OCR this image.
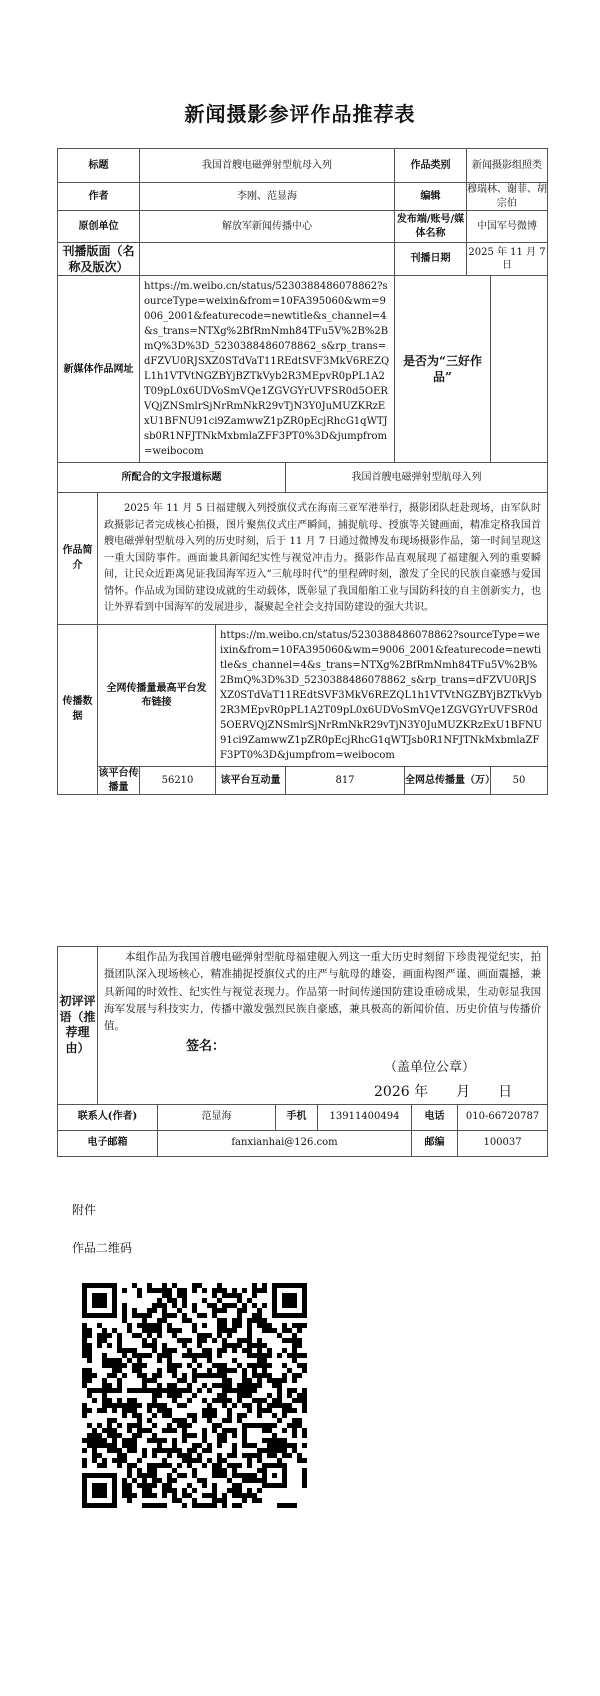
新闻摄影参评作品推荐表
标题		我国首艘电磁弹射型航母入列			作品类别		新闻摄影组照类	
作者		李刚、范显海			编辑		穆瑞林、谢菲、胡宗伯	
原创单位		解放军新闻传播中心			发布端/账号/媒体名称		中国军号微博	
刊播版面（名称及版次）					刊播日期		2025 年 11 月 7 日	
新媒体作品网址		https://m.weibo.cn/status/5230388486078862?sourceType=weixin&from=10FA395060&wm=9006_2001&featurecode=newtitle&s_channel=4&s_trans=NTXg%2BfRmNmh84TFu5V%2B%2BmQ%3D%3D_5230388486078862_s&rp_trans=dFZVU0RJSXZ0STdVaT11REdtSVF3MkV6REZQL1h1VTVtNGZBYjBZTkVyb2R3MEpvR0pPL1A2T09pL0x6UDVoSmVQe1ZGVGYrUVFSR0d5OERVQjZNSmlrSjNrRmNkR29vTjN3Y0JuMUZKRzExU1BFNU91ci9ZamwwZ1pZR0pEcjRhcG1qWTJsb0R1NFJTNkMxbmlaZFF3PT0%3D&jumpfrom=weibocom			是否为“三好作品”			
所配合的文字报道标题				我国首艘电磁弹射型航母入列				
作品简介	2025 年 11 月 5 日福建舰入列授旗仪式在海南三亚军港举行，摄影团队赶赴现场，由军队时政摄影记者完成核心拍摄，图片聚焦仪式庄严瞬间，捕捉航母、授旗等关键画面，精准定格我国首艘电磁弹射型航母入列的历史时刻，后于 11 月 7 日通过微博发布现场摄影作品，第一时间呈现这一重大国防事件。画面兼具新闻纪实性与视觉冲击力。摄影作品直观展现了福建舰入列的重要瞬间，让民众近距离见证我国海军迈入“三航母时代”的里程碑时刻，激发了全民的民族自豪感与爱国情怀。作品成为国防建设成就的生动载体，既彰显了我国船舶工业与国防科技的自主创新实力，也让外界看到中国海军的发展进步，凝聚起全社会支持国防建设的强大共识。							
传播数据	全网传播量最高平台发布链接		https://m.weibo.cn/status/5230388486078862?sourceType=weixin&from=10FA395060&wm=9006_2001&featurecode=newtitle&s_channel=4&s_trans=NTXg%2BfRmNmh84TFu5V%2B%2BmQ%3D%3D_5230388486078862_s&rp_trans=dFZVU0RJSXZ0STdVaT11REdtSVF3MkV6REZQL1h1VTVtNGZBYjBZTkVyb2R3MEpvR0pPL1A2T09pL0x6UDVoSmVQe1ZGVGYrUVFSR0d5OERVQjZNSmlrSjNrRmNkR29vTjN3Y0JuMUZKRzExU1BFNU91ci9ZamwwZ1pZR0pEcjRhcG1qWTJsb0R1NFJTNkMxbmlaZFF3PT0%3D&jumpfrom=weibocom					
	该平台传播量	56210	该平台互动量	817		全网总传播量（万）		50
初评评语（推荐理由）	本组作品为我国首艘电磁弹射型航母福建舰入列这一重大历史时刻留下珍贵视觉纪实，拍摄团队深入现场核心，精准捕捉授旗仪式的庄严与航母的雄姿，画面构图严谨、画面震撼，兼具新闻的时效性、纪实性与视觉表现力。作品第一时间传递国防建设重磅成果，生动彰显我国海军发展与科技实力，传播中激发强烈民族自豪感，兼具极高的新闻价值、历史价值与传播价值。
签名：
（盖单位公章）
2026 年　　月　　日					

联系人(作者)		范显海	手机	13911400494	电话	010-66720787
电子邮箱		fanxianhai@126.com			邮编	100037
附件
作品二维码
